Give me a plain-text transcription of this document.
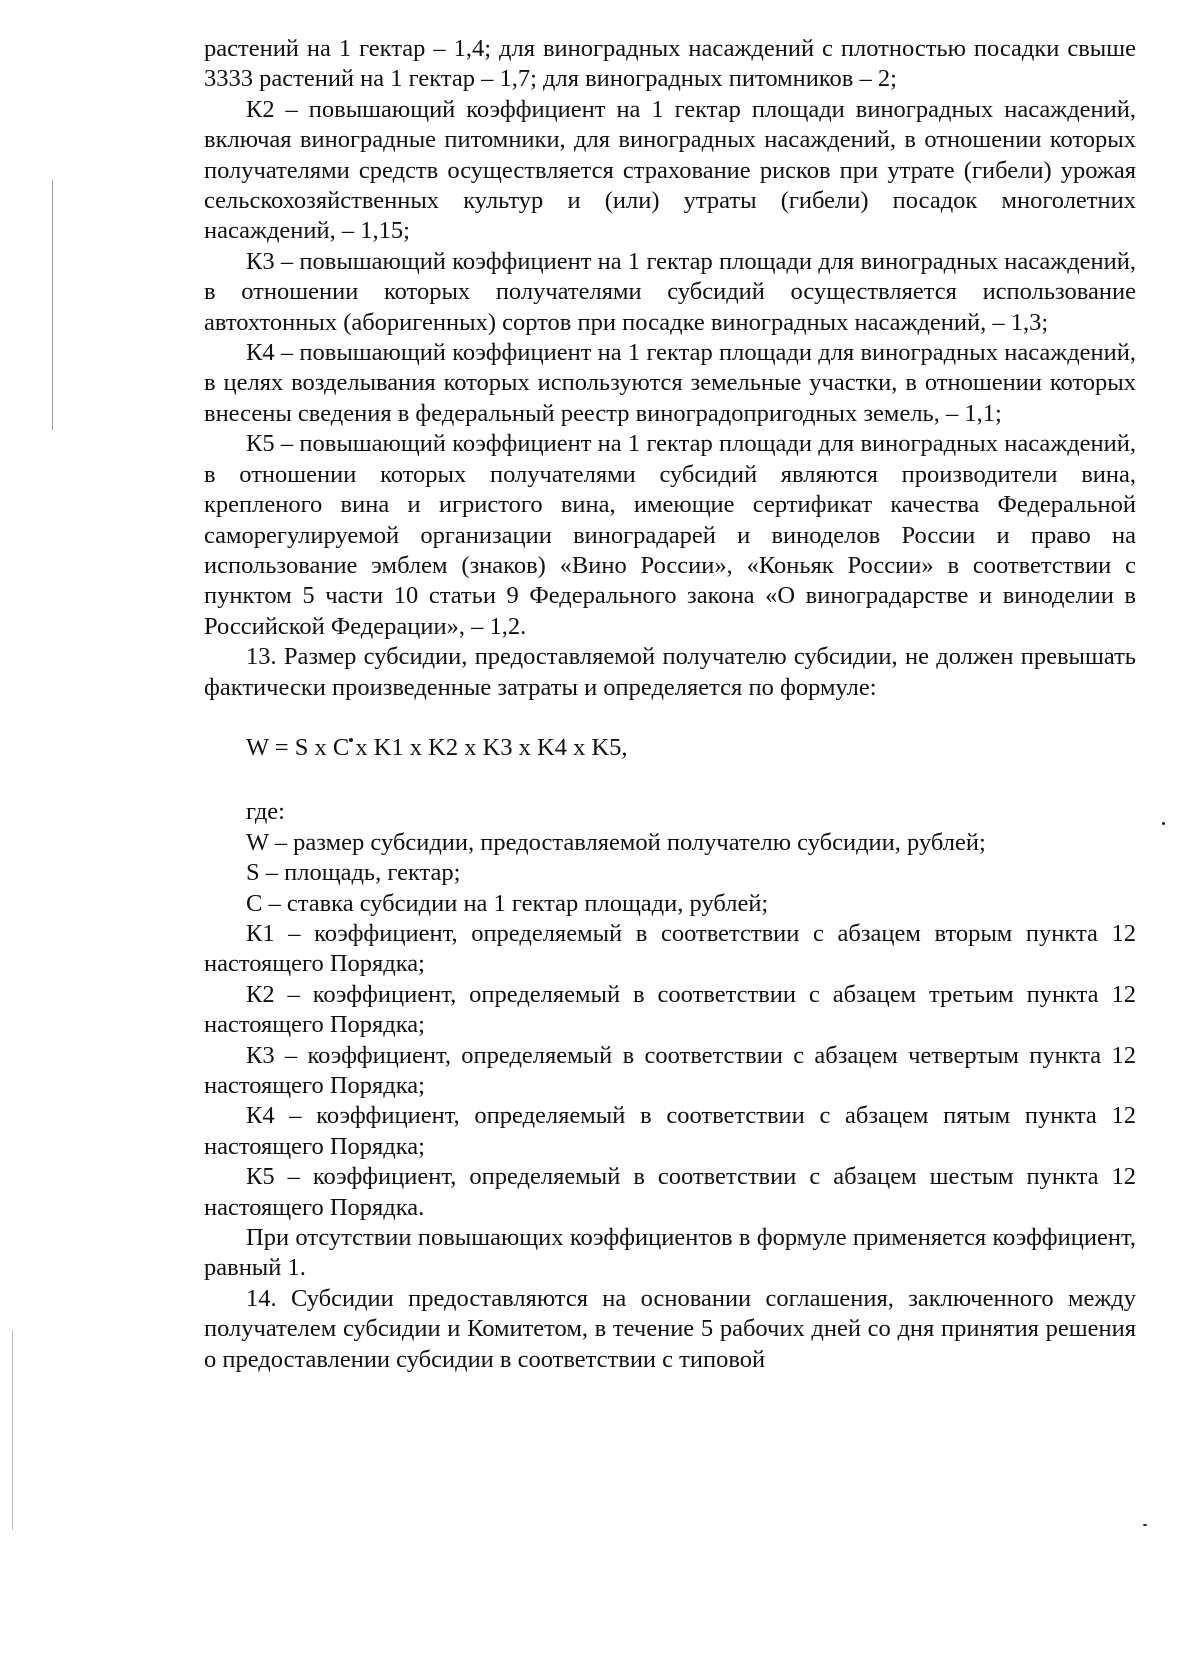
растений на 1 гектар – 1,4; для виноградных насаждений с плотностью посадки свыше 3333 растений на 1 гектар – 1,7; для виноградных питомников – 2;

К2 – повышающий коэффициент на 1 гектар площади виноградных насаждений, включая виноградные питомники, для виноградных насаждений, в отношении которых получателями средств осуществляется страхование рисков при утрате (гибели) урожая сельскохозяйственных культур и (или) утраты (гибели) посадок многолетних насаждений, – 1,15;

К3 – повышающий коэффициент на 1 гектар площади для виноградных насаждений, в отношении которых получателями субсидий осуществляется использование автохтонных (аборигенных) сортов при посадке виноградных насаждений, – 1,3;

К4 – повышающий коэффициент на 1 гектар площади для виноградных насаждений, в целях возделывания которых используются земельные участки, в отношении которых внесены сведения в федеральный реестр виноградопригодных земель, – 1,1;

К5 – повышающий коэффициент на 1 гектар площади для виноградных насаждений, в отношении которых получателями субсидий являются производители вина, крепленого вина и игристого вина, имеющие сертификат качества Федеральной саморегулируемой организации виноградарей и виноделов России и право на использование эмблем (знаков) «Вино России», «Коньяк России» в соответствии с пунктом 5 части 10 статьи 9 Федерального закона «О виноградарстве и виноделии в Российской Федерации», – 1,2.

13. Размер субсидии, предоставляемой получателю субсидии, не должен превышать фактически произведенные затраты и определяется по формуле:

W = S x C x K1 x K2 x K3 x K4 x K5,

где:

W – размер субсидии, предоставляемой получателю субсидии, рублей;

S – площадь, гектар;

С – ставка субсидии на 1 гектар площади, рублей;

К1 – коэффициент, определяемый в соответствии с абзацем вторым пункта 12 настоящего Порядка;

К2 – коэффициент, определяемый в соответствии с абзацем третьим пункта 12 настоящего Порядка;

К3 – коэффициент, определяемый в соответствии с абзацем четвертым пункта 12 настоящего Порядка;

К4 – коэффициент, определяемый в соответствии с абзацем пятым пункта 12 настоящего Порядка;

К5 – коэффициент, определяемый в соответствии с абзацем шестым пункта 12 настоящего Порядка.

При отсутствии повышающих коэффициентов в формуле применяется коэффициент, равный 1.

14. Субсидии предоставляются на основании соглашения, заключенного между получателем субсидии и Комитетом, в течение 5 рабочих дней со дня принятия решения о предоставлении субсидии в соответствии с типовой
